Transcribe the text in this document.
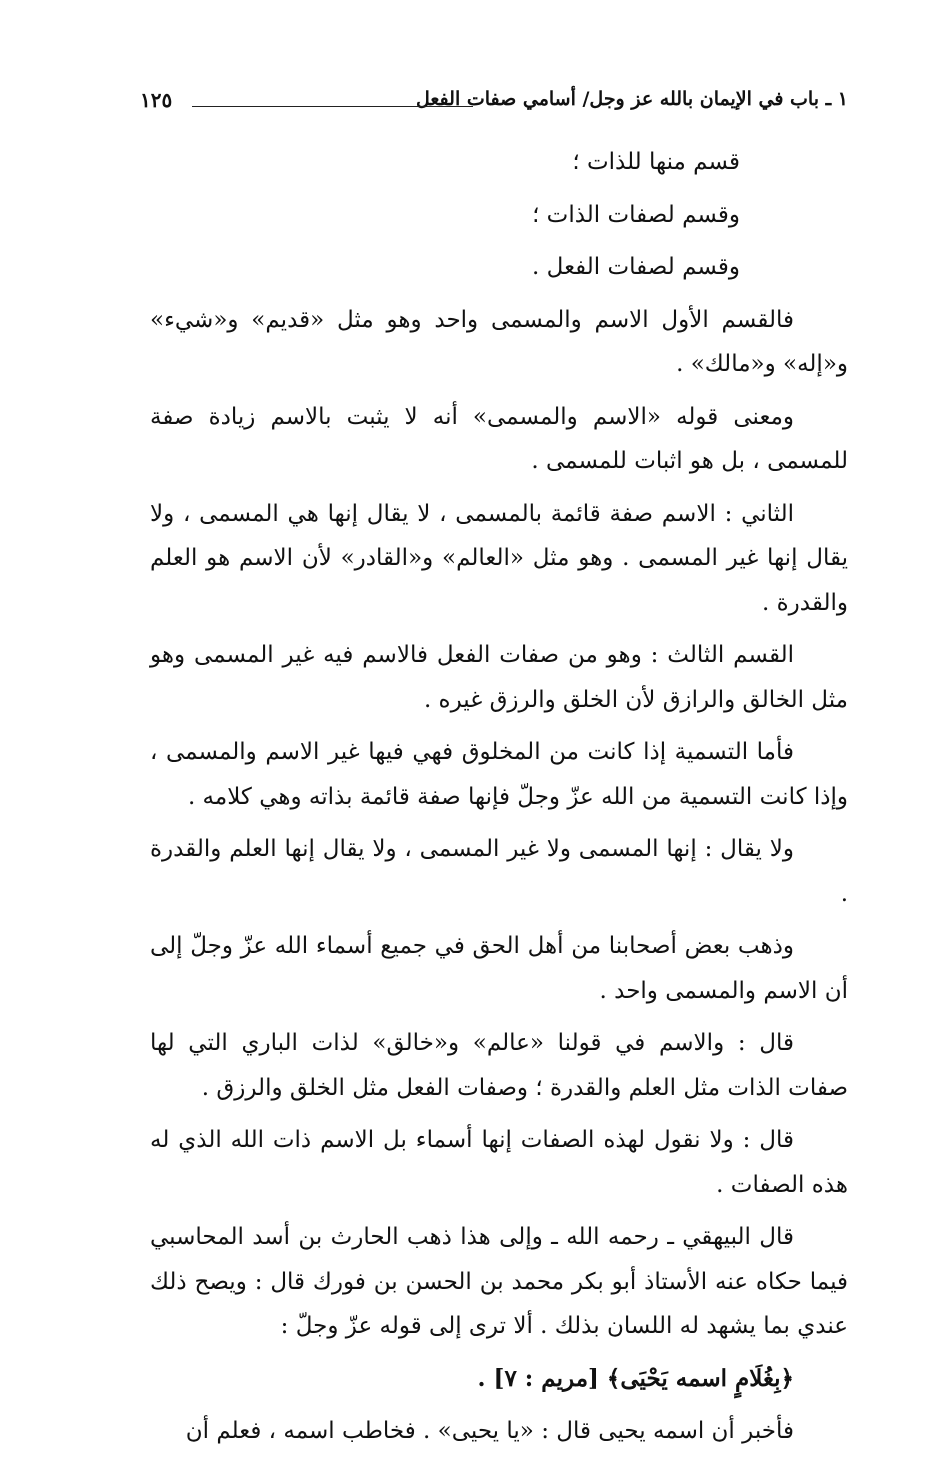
١ ـ باب في الإيمان بالله عز وجل/ أسامي صفات الفعل
١٢٥

قسم منها للذات ؛

وقسم لصفات الذات ؛

وقسم لصفات الفعل .

فالقسم الأول الاسم والمسمى واحد وهو مثل «قديم» و«شيء» و«إله» و«مالك» .

ومعنى قوله «الاسم والمسمى» أنه لا يثبت بالاسم زيادة صفة للمسمى ، بل هو اثبات للمسمى .

الثاني : الاسم صفة قائمة بالمسمى ، لا يقال إنها هي المسمى ، ولا يقال إنها غير المسمى . وهو مثل «العالم» و«القادر» لأن الاسم هو العلم والقدرة .

القسم الثالث : وهو من صفات الفعل فالاسم فيه غير المسمى وهو مثل الخالق والرازق لأن الخلق والرزق غيره .

فأما التسمية إذا كانت من المخلوق فهي فيها غير الاسم والمسمى ، وإذا كانت التسمية من الله عزّ وجلّ فإنها صفة قائمة بذاته وهي كلامه .

ولا يقال : إنها المسمى ولا غير المسمى ، ولا يقال إنها العلم والقدرة .

وذهب بعض أصحابنا من أهل الحق في جميع أسماء الله عزّ وجلّ إلى أن الاسم والمسمى واحد .

قال : والاسم في قولنا «عالم» و«خالق» لذات الباري التي لها صفات الذات مثل العلم والقدرة ؛ وصفات الفعل مثل الخلق والرزق .

قال : ولا نقول لهذه الصفات إنها أسماء بل الاسم ذات الله الذي له هذه الصفات .

قال البيهقي ـ رحمه الله ـ وإلى هذا ذهب الحارث بن أسد المحاسبي فيما حكاه عنه الأستاذ أبو بكر محمد بن الحسن بن فورك قال : ويصح ذلك عندي بما يشهد له اللسان بذلك . ألا ترى إلى قوله عزّ وجلّ :

﴿بِغُلَامٍ اسمه يَحْيَى﴾ [مريم : ٧] .

فأخبر أن اسمه يحيى قال : «يا يحيى» . فخاطب اسمه ، فعلم أن
